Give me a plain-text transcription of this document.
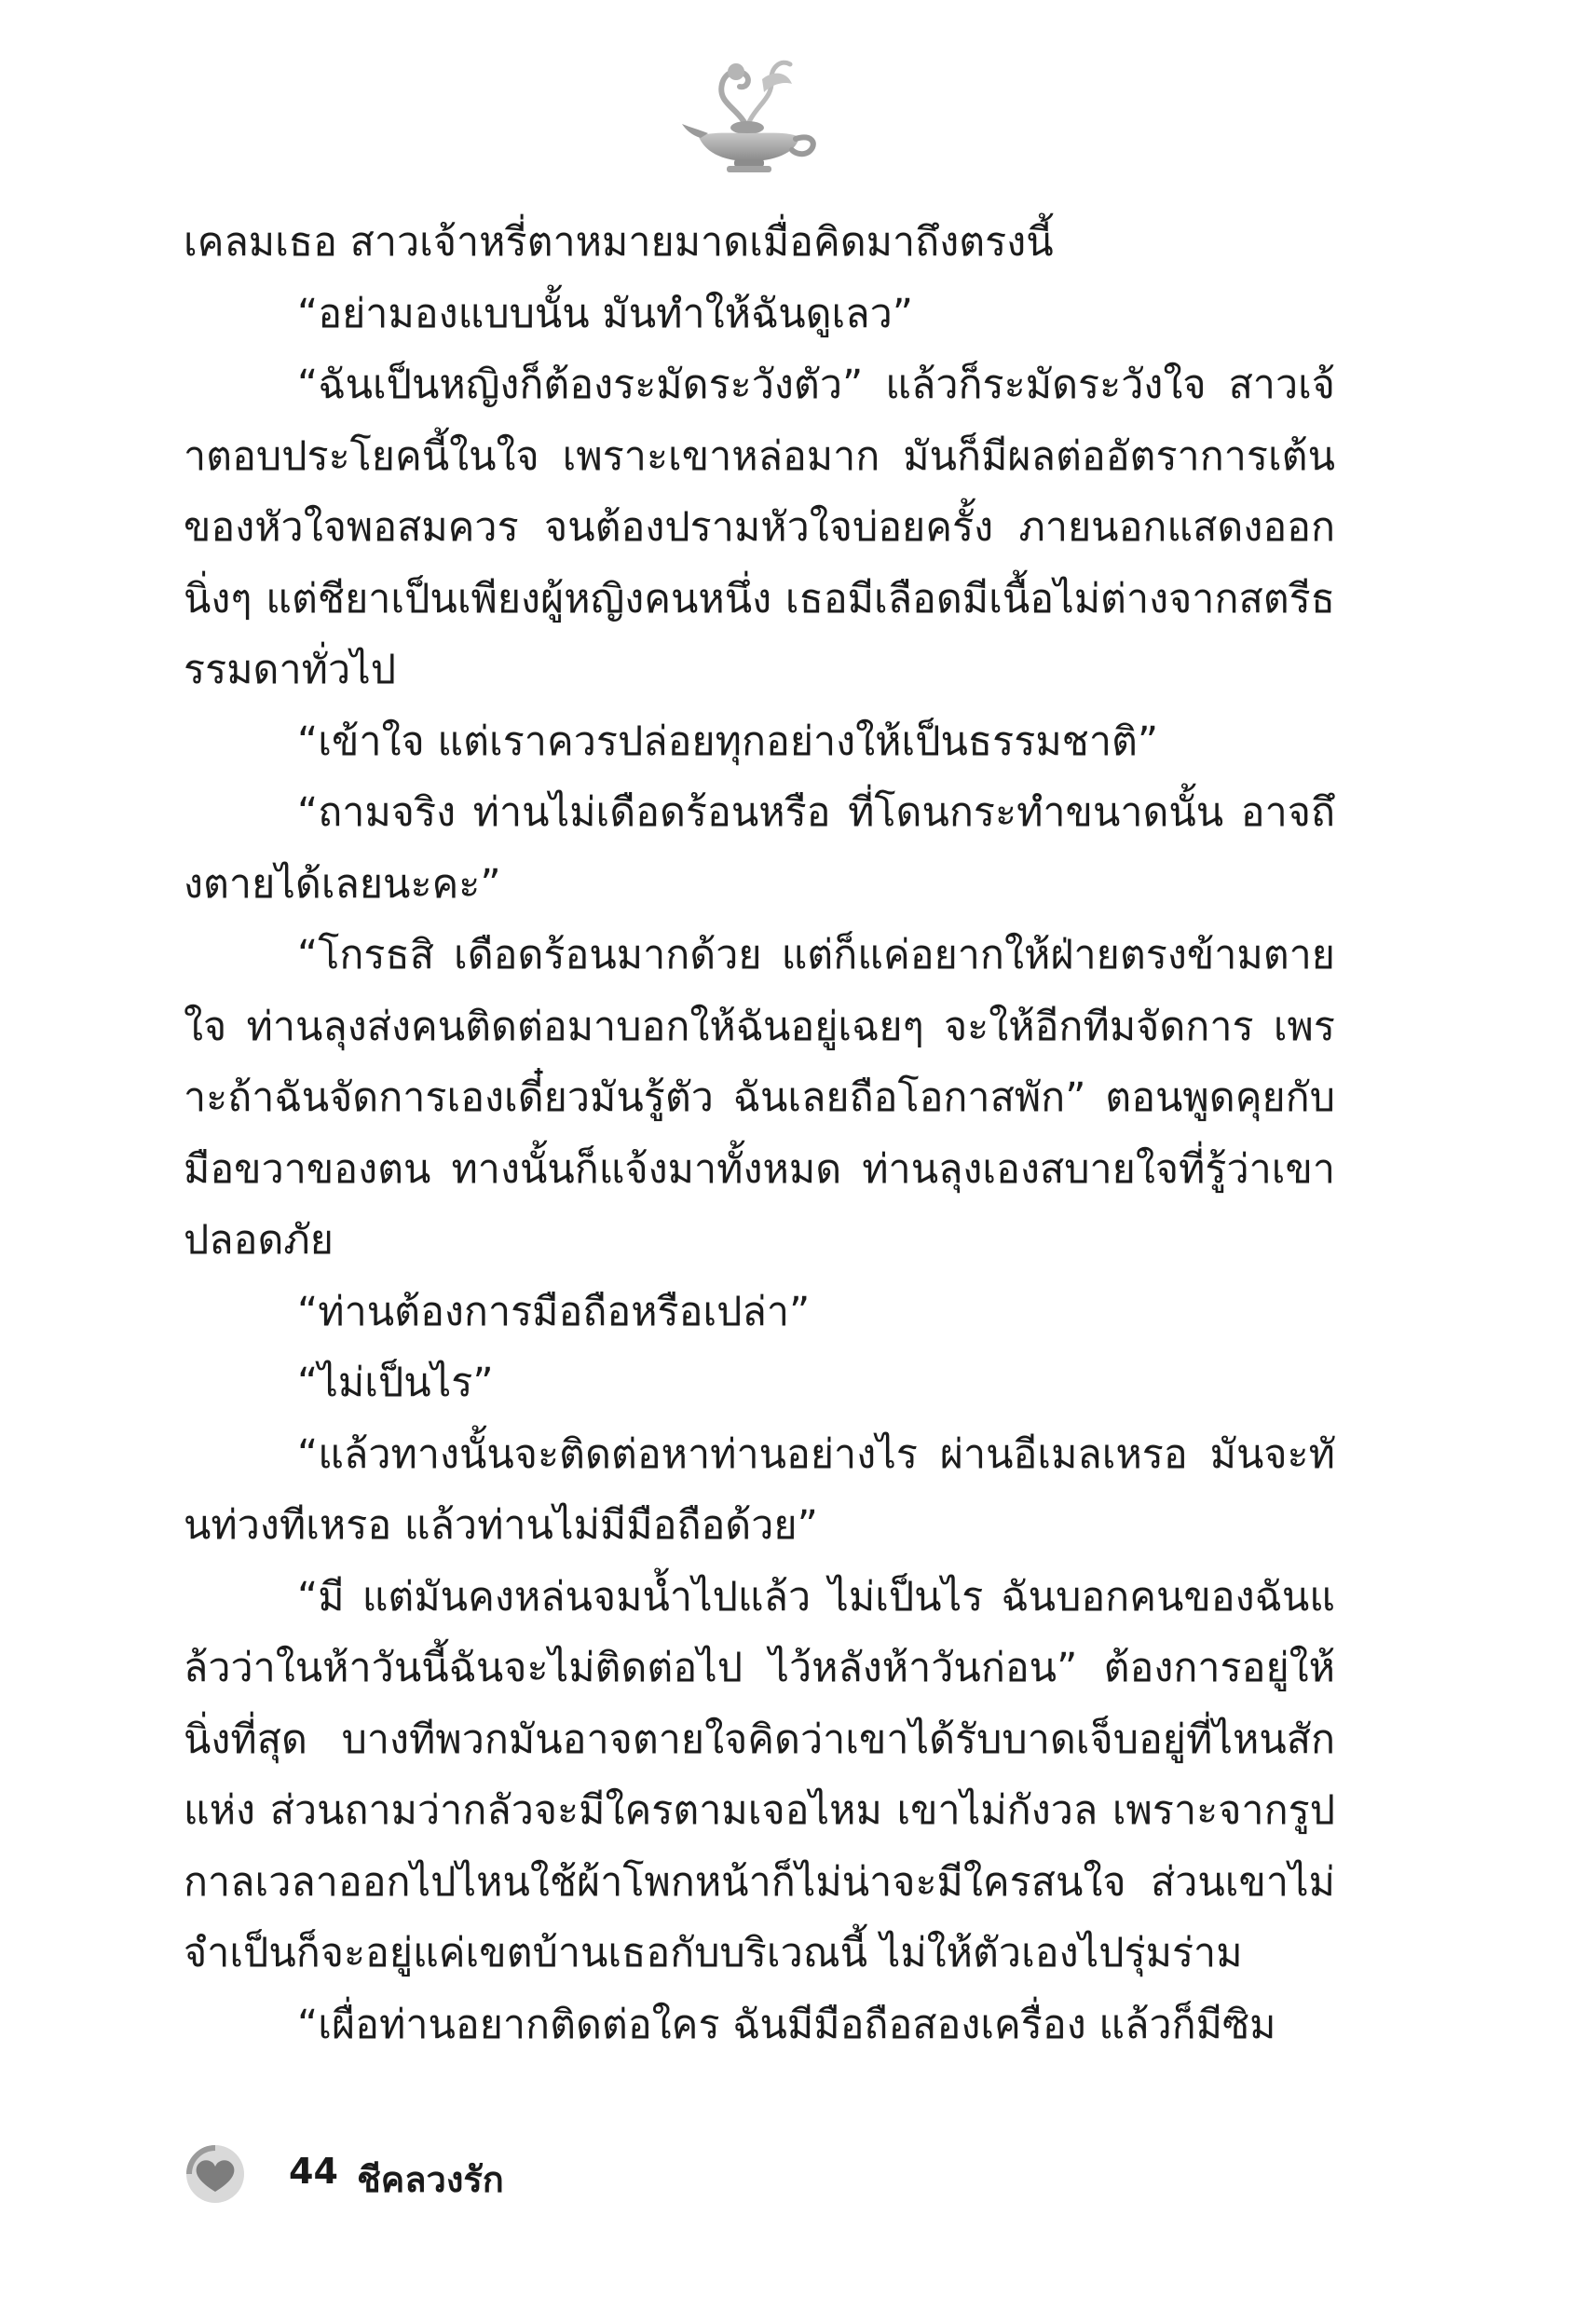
เคลมเธอ สาวเจ้าหรี่ตาหมายมาดเมื่อคิดมาถึงตรงนี้

“อย่ามองแบบนั้น มันทำให้ฉันดูเลว”

“ฉันเป็นหญิงก็ต้องระมัดระวังตัว” แล้วก็ระมัดระวังใจ สาวเจ้าตอบประโยคนี้ในใจ เพราะเขาหล่อมาก มันก็มีผลต่ออัตราการเต้นของหัวใจพอสมควร จนต้องปรามหัวใจบ่อยครั้ง ภายนอกแสดงออกนิ่งๆ แต่ชียาเป็นเพียงผู้หญิงคนหนึ่ง เธอมีเลือดมีเนื้อไม่ต่างจากสตรีธรรมดาทั่วไป

“เข้าใจ แต่เราควรปล่อยทุกอย่างให้เป็นธรรมชาติ”

“ถามจริง ท่านไม่เดือดร้อนหรือ ที่โดนกระทำขนาดนั้น อาจถึงตายได้เลยนะคะ”

“โกรธสิ เดือดร้อนมากด้วย แต่ก็แค่อยากให้ฝ่ายตรงข้ามตายใจ ท่านลุงส่งคนติดต่อมาบอกให้ฉันอยู่เฉยๆ จะให้อีกทีมจัดการ เพราะถ้าฉันจัดการเองเดี๋ยวมันรู้ตัว ฉันเลยถือโอกาสพัก” ตอนพูดคุยกับมือขวาของตน ทางนั้นก็แจ้งมาทั้งหมด ท่านลุงเองสบายใจที่รู้ว่าเขาปลอดภัย

“ท่านต้องการมือถือหรือเปล่า”

“ไม่เป็นไร”

“แล้วทางนั้นจะติดต่อหาท่านอย่างไร ผ่านอีเมลเหรอ มันจะทันท่วงทีเหรอ แล้วท่านไม่มีมือถือด้วย”

“มี แต่มันคงหล่นจมน้ำไปแล้ว ไม่เป็นไร ฉันบอกคนของฉันแล้วว่าในห้าวันนี้ฉันจะไม่ติดต่อไป ไว้หลังห้าวันก่อน” ต้องการอยู่ให้นิ่งที่สุด บางทีพวกมันอาจตายใจคิดว่าเขาได้รับบาดเจ็บอยู่ที่ไหนสักแห่ง ส่วนถามว่ากลัวจะมีใครตามเจอไหม เขาไม่กังวล เพราะจากรูปกาลเวลาออกไปไหนใช้ผ้าโพกหน้าก็ไม่น่าจะมีใครสนใจ ส่วนเขาไม่จำเป็นก็จะอยู่แค่เขตบ้านเธอกับบริเวณนี้ ไม่ให้ตัวเองไปรุ่มร่าม

“เผื่อท่านอยากติดต่อใคร ฉันมีมือถือสองเครื่อง แล้วก็มีซิม

44 ชีคลวงรัก
